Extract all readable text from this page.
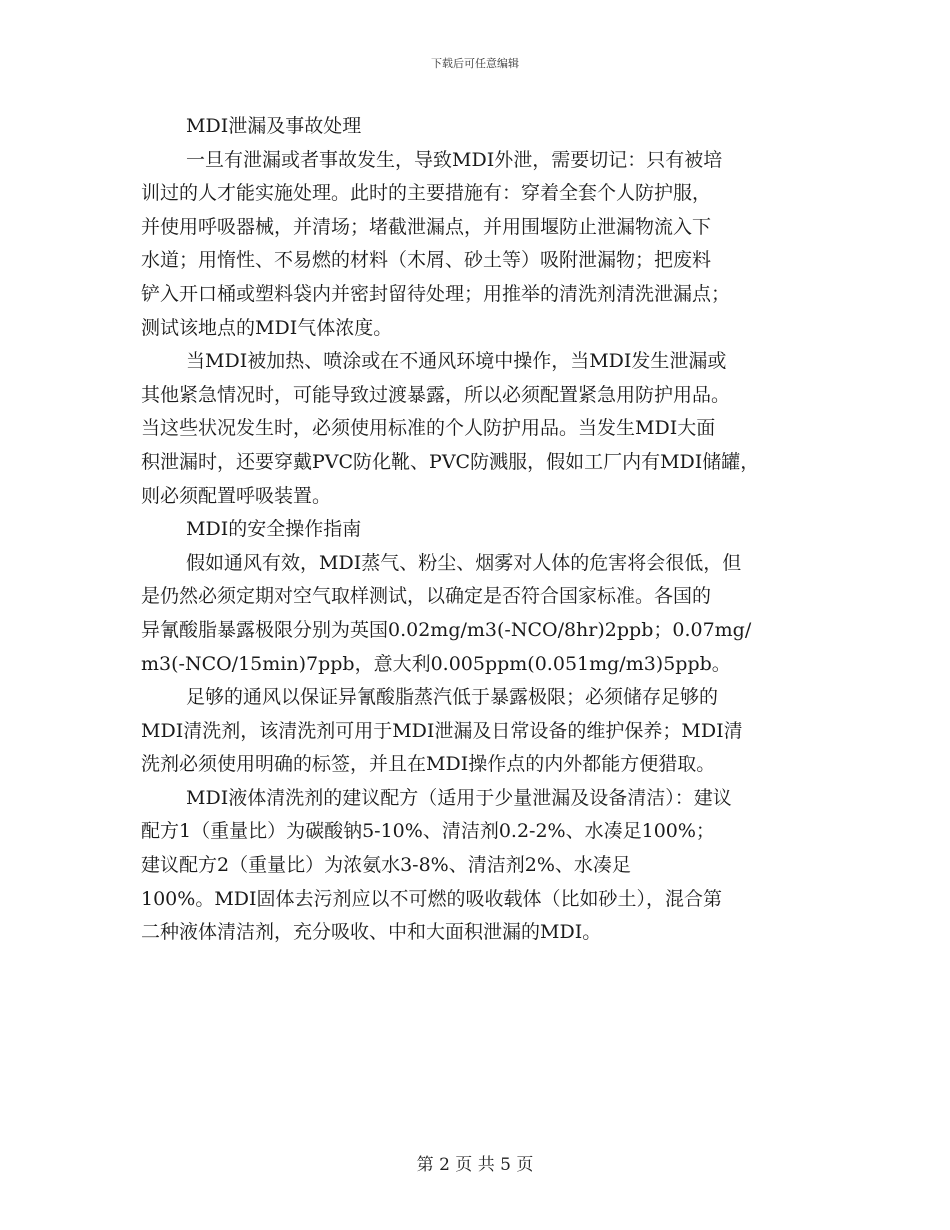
下载后可任意编辑
MDI泄漏及事故处理
一旦有泄漏或者事故发生，导致MDI外泄，需要切记：只有被培
训过的人才能实施处理。此时的主要措施有：穿着全套个人防护服，
并使用呼吸器械，并清场；堵截泄漏点，并用围堰防止泄漏物流入下
水道；用惰性、不易燃的材料（木屑、砂土等）吸附泄漏物；把废料
铲入开口桶或塑料袋内并密封留待处理；用推举的清洗剂清洗泄漏点；
测试该地点的MDI气体浓度。
当MDI被加热、喷涂或在不通风环境中操作，当MDI发生泄漏或
其他紧急情况时，可能导致过渡暴露，所以必须配置紧急用防护用品。
当这些状况发生时，必须使用标准的个人防护用品。当发生MDI大面
积泄漏时，还要穿戴PVC防化靴、PVC防溅服，假如工厂内有MDI储罐，
则必须配置呼吸装置。
MDI的安全操作指南
假如通风有效，MDI蒸气、粉尘、烟雾对人体的危害将会很低，但
是仍然必须定期对空气取样测试，以确定是否符合国家标准。各国的
异氰酸脂暴露极限分别为英国0.02mg/m3(-NCO/8hr)2ppb；0.07mg/
m3(-NCO/15min)7ppb，意大利0.005ppm(0.051mg/m3)5ppb。
足够的通风以保证异氰酸脂蒸汽低于暴露极限；必须储存足够的
MDI清洗剂，该清洗剂可用于MDI泄漏及日常设备的维护保养；MDI清
洗剂必须使用明确的标签，并且在MDI操作点的内外都能方便猎取。
MDI液体清洗剂的建议配方（适用于少量泄漏及设备清洁）：建议
配方1（重量比）为碳酸钠5-10%、清洁剂0.2-2%、水凑足100%；
建议配方2（重量比）为浓氨水3-8%、清洁剂2%、水凑足
100%。MDI固体去污剂应以不可燃的吸收载体（比如砂土），混合第
二种液体清洁剂，充分吸收、中和大面积泄漏的MDI。
第 2 页 共 5 页
